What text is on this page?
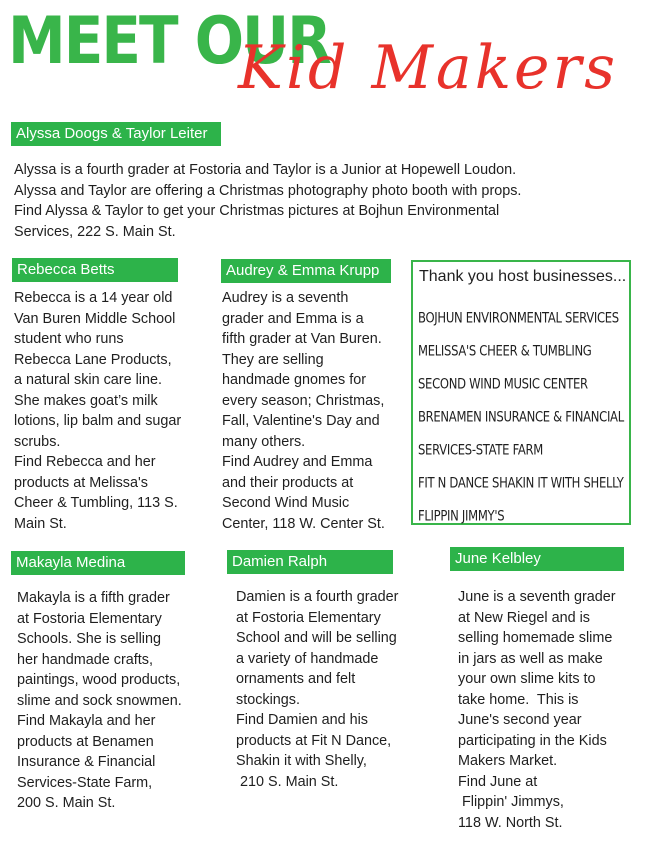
MEET OUR
Kid Makers
Alyssa Doogs & Taylor Leiter

Alyssa is a fourth grader at Fostoria and Taylor is a Junior at Hopewell Loudon.

Alyssa and Taylor are offering a Christmas photography photo booth with props.

Find Alyssa & Taylor to get your Christmas pictures at Bojhun Environmental

Services, 222 S. Main St.

Rebecca Betts

Rebecca is a 14 year old

Van Buren Middle School

student who runs

Rebecca Lane Products,

a natural skin care line.

She makes goat’s milk

lotions, lip balm and sugar

scrubs.

Find Rebecca and her

products at Melissa's

Cheer & Tumbling, 113 S.

Main St.

Audrey & Emma Krupp

Audrey is a seventh

grader and Emma is a

fifth grader at Van Buren.

They are selling

handmade gnomes for

every season; Christmas,

Fall, Valentine's Day and

many others.

Find Audrey and Emma

and their products at

Second Wind Music

Center, 118 W. Center St.

Thank you host businesses...
BOJHUN ENVIRONMENTAL SERVICES
MELISSA'S CHEER & TUMBLING
SECOND WIND MUSIC CENTER
BRENAMEN INSURANCE & FINANCIAL
SERVICES-STATE FARM
FIT N DANCE SHAKIN IT WITH SHELLY
FLIPPIN JIMMY'S
Makayla Medina

Makayla is a fifth grader

at Fostoria Elementary

Schools. She is selling

her handmade crafts,

paintings, wood products,

slime and sock snowmen.

Find Makayla and her

products at Benamen

Insurance & Financial

Services-State Farm,

200 S. Main St.

Damien Ralph

Damien is a fourth grader

at Fostoria Elementary

School and will be selling

a variety of handmade

ornaments and felt

stockings.

Find Damien and his

products at Fit N Dance,

Shakin it with Shelly,

210 S. Main St.

June Kelbley

June is a seventh grader

at New Riegel and is

selling homemade slime

in jars as well as make

your own slime kits to

take home.  This is

June's second year

participating in the Kids

Makers Market.

Find June at

Flippin' Jimmys,

118 W. North St.
